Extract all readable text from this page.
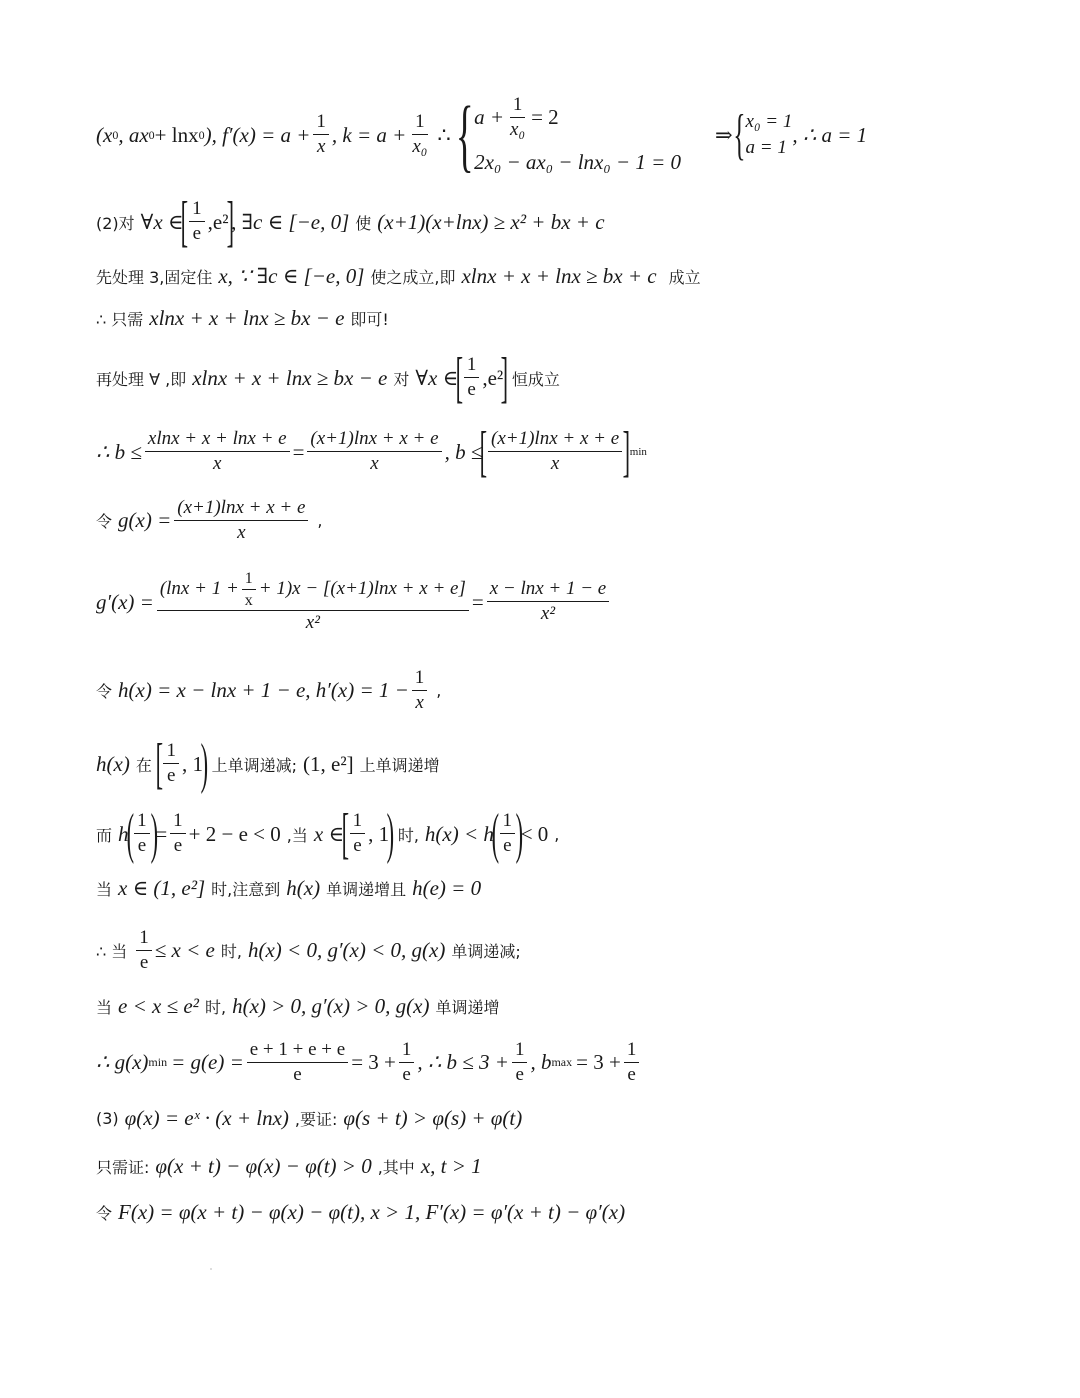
(x 0 , ax 0 + lnx 0 ), $f'(x) = a + \frac{1}{x}$ , $k = a + \frac{1}{\text{x₀}}$ ∴ { $a + \frac{1}{\text{x₀}} = 2$
2x₀ − ax₀ − lnx₀ − 1 = 0
⇒ { x₀ = 1
a = 1
, ∴ a = 1
(2)对 ∀x ∈
[ $\frac{1}{e}$ , e²
]
, ∃c ∈ [−e, 0] 使 (x+1)(x+lnx) ≥ x² + bx + c
先处理 3,固定住 x, ∵ ∃c ∈ [−e, 0] 使之成立,即 xlnx + x + lnx ≥ bx + c 成立
∴ 只需 xlnx + x + lnx ≥ bx − e 即可!
再处理 ∀ ,即 xlnx + x + lnx ≥ bx − e 对 ∀x ∈
[ $\frac{1}{e}$ , e²
] 恒成立
∴ $b \le \frac{xlnx + x + \ln x + e}{x} = \frac{(x+1)\ln x + x + e}{x}$ , b ≤
[ $\frac{(x+1)\ln x + x + e}{x}$ ] min
令 $g(x) = \frac{(x+1)\ln x + x + e}{x}$ ,
$g'(x) = \frac{(\ln x + 1 + \frac{1}{x} + 1)x - [(x+1)\ln x + x + e]}{\text{x²}} = \frac{x - \ln x + 1 - e}{\text{x²}}$
令 h(x) = x − lnx + 1 − e, $h'(x) = 1 - \frac{1}{x}$ ,
h(x) 在 [ $\frac{1}{e}$ , 1
) 上单调递减; (1, e²] 上单调递增
而 h
( $\frac{1}{e}$ )
= $\frac{1}{e} + 2 - e < 0$ ,当 x ∈
[ $\frac{1}{e}$ , 1
) 时, h(x) < h
( $\frac{1}{e}$ )
< 0 ,
当 x ∈ (1, e²] 时,注意到 h(x) 单调递增且 h(e) = 0
∴ 当 $\frac{1}{e} \le x < e$ 时, h(x) < 0, g′(x) < 0, g(x) 单调递减;
当 e < x ≤ e² 时, h(x) > 0, g′(x) > 0, g(x) 单调递增
∴ g(x) $\min = g(e) = \frac{e + 1 + e + e}{e} = 3 + \frac{1}{e}$ , ∴ $b \le 3 + \frac{1}{e}$ , b $\max = 3 + \frac{1}{e}$
(3) φ(x) = eˣ · (x + lnx) ,要证: φ(s + t) > φ(s) + φ(t)
只需证: φ(x + t) − φ(x) − φ(t) > 0 ,其中 x, t > 1
令 F(x) = φ(x + t) − φ(x) − φ(t), x > 1, F′(x) = φ′(x + t) − φ′(x)
